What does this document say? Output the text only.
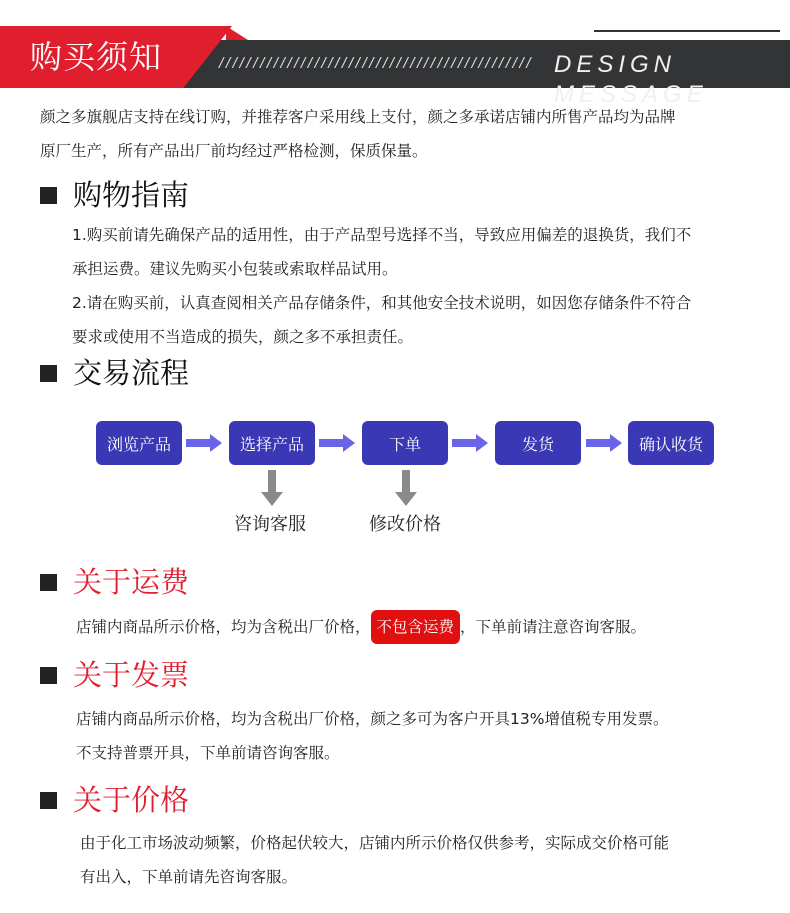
购买须知	////////////////////////////////////////////// DESIGN MESSAGE
颜之多旗舰店支持在线订购，并推荐客户采用线上支付，颜之多承诺店铺内所售产品均为品牌
原厂生产，所有产品出厂前均经过严格检测，保质保量。
购物指南
1.购买前请先确保产品的适用性，由于产品型号选择不当，导致应用偏差的退换货，我们不
承担运费。建议先购买小包装或索取样品试用。
2.请在购买前，认真查阅相关产品存储条件，和其他安全技术说明，如因您存储条件不符合
要求或使用不当造成的损失，颜之多不承担责任。
交易流程
浏览产品	选择产品	下单	发货	确认收货
咨询客服	修改价格
关于运费
店铺内商品所示价格，均为含税出厂价格， 不包含运费 ，下单前请注意咨询客服。
关于发票
店铺内商品所示价格，均为含税出厂价格，颜之多可为客户开具13%增值税专用发票。
不支持普票开具，下单前请咨询客服。
关于价格
由于化工市场波动频繁，价格起伏较大，店铺内所示价格仅供参考，实际成交价格可能
有出入，下单前请先咨询客服。
